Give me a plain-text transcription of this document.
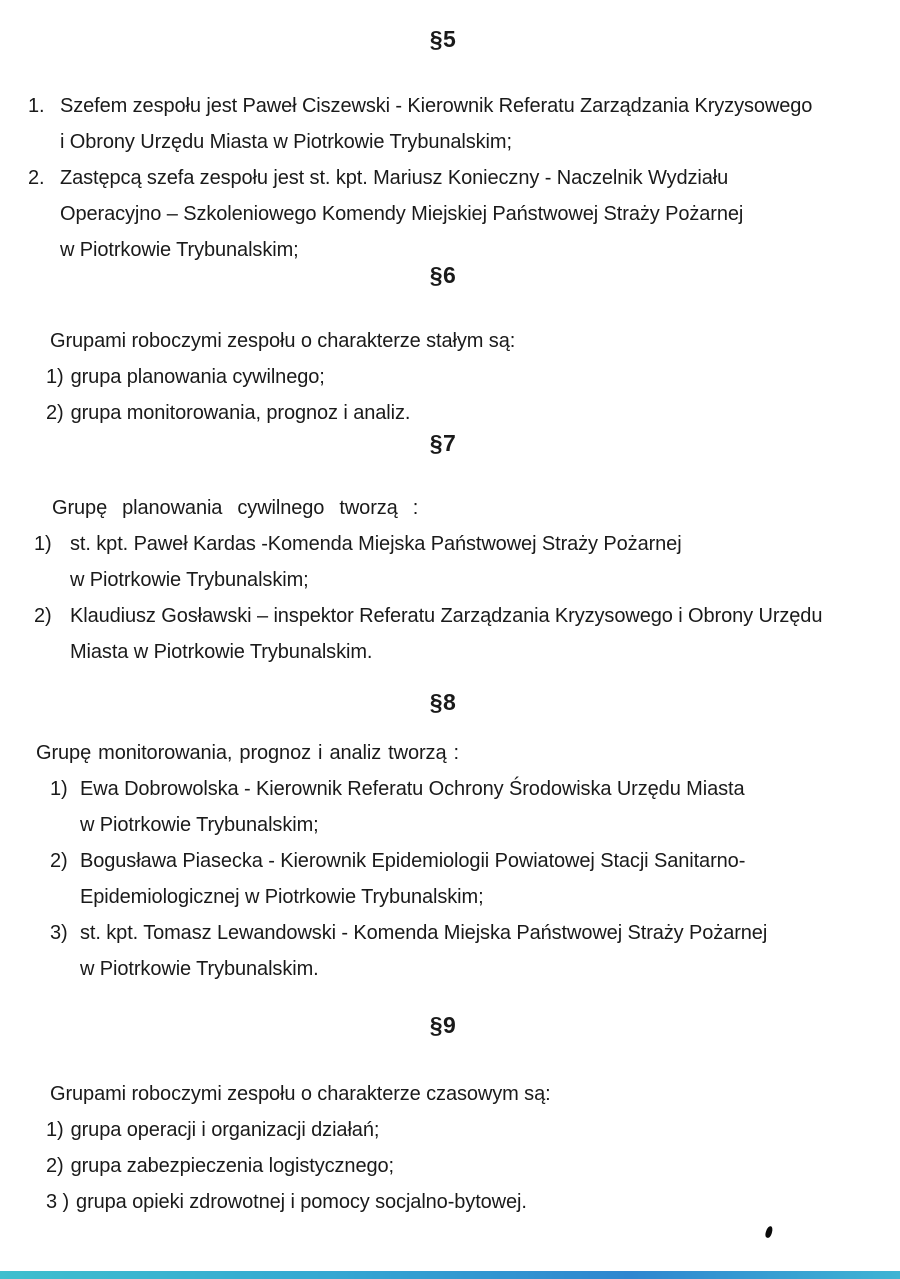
§5
1. Szefem zespołu jest Paweł Ciszewski - Kierownik Referatu Zarządzania Kryzysowego
i Obrony Urzędu Miasta w Piotrkowie Trybunalskim;
2. Zastępcą szefa zespołu jest st. kpt. Mariusz Konieczny - Naczelnik Wydziału
Operacyjno – Szkoleniowego Komendy Miejskiej Państwowej Straży Pożarnej
w Piotrkowie Trybunalskim;
§6
Grupami roboczymi zespołu o charakterze stałym są:
1) grupa planowania cywilnego;
2) grupa monitorowania, prognoz i analiz.
§7
Grupę planowania cywilnego tworzą :
1) st. kpt. Paweł Kardas -Komenda Miejska Państwowej Straży Pożarnej
w Piotrkowie Trybunalskim;
2) Klaudiusz Gosławski – inspektor Referatu Zarządzania Kryzysowego i Obrony Urzędu
Miasta w Piotrkowie Trybunalskim.
§8
Grupę monitorowania, prognoz i analiz tworzą :
1) Ewa Dobrowolska - Kierownik Referatu Ochrony Środowiska Urzędu Miasta
w Piotrkowie Trybunalskim;
2) Bogusława Piasecka - Kierownik Epidemiologii Powiatowej Stacji Sanitarno-
Epidemiologicznej w Piotrkowie Trybunalskim;
3) st. kpt. Tomasz Lewandowski - Komenda Miejska Państwowej Straży Pożarnej
w Piotrkowie Trybunalskim.
§9
Grupami roboczymi zespołu o charakterze czasowym są:
1) grupa operacji i organizacji działań;
2) grupa zabezpieczenia logistycznego;
3 ) grupa opieki zdrowotnej i pomocy socjalno-bytowej.
